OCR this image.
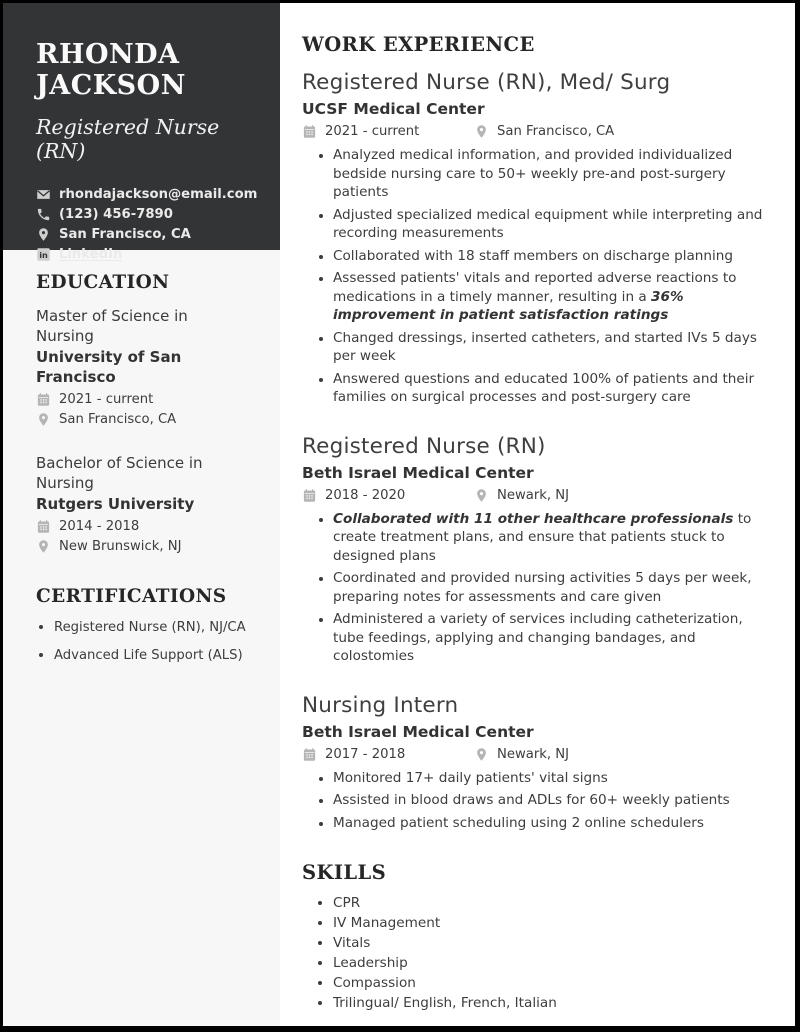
RHONDA
JACKSON
Registered Nurse (RN)
rhondajackson@email.com
(123) 456-7890
San Francisco, CA
in LinkedIn
EDUCATION
Master of Science in Nursing
University of San Francisco
2021 - current
San Francisco, CA
Bachelor of Science in Nursing
Rutgers University
2014 - 2018
New Brunswick, NJ
CERTIFICATIONS
• Registered Nurse (RN), NJ/CA
• Advanced Life Support (ALS)
WORK EXPERIENCE
Registered Nurse (RN), Med/ Surg
UCSF Medical Center
2021 - current	San Francisco, CA
• Analyzed medical information, and provided individualized bedside nursing care to 50+ weekly pre-and post-surgery patients
• Adjusted specialized medical equipment while interpreting and recording measurements
• Collaborated with 18 staff members on discharge planning
• Assessed patients' vitals and reported adverse reactions to medications in a timely manner, resulting in a 36% improvement in patient satisfaction ratings
• Changed dressings, inserted catheters, and started IVs 5 days per week
• Answered questions and educated 100% of patients and their families on surgical processes and post-surgery care
Registered Nurse (RN)
Beth Israel Medical Center
2018 - 2020	Newark, NJ
• Collaborated with 11 other healthcare professionals to create treatment plans, and ensure that patients stuck to designed plans
• Coordinated and provided nursing activities 5 days per week, preparing notes for assessments and care given
• Administered a variety of services including catheterization, tube feedings, applying and changing bandages, and colostomies
Nursing Intern
Beth Israel Medical Center
2017 - 2018	Newark, NJ
• Monitored 17+ daily patients' vital signs
• Assisted in blood draws and ADLs for 60+ weekly patients
• Managed patient scheduling using 2 online schedulers
SKILLS
• CPR
• IV Management
• Vitals
• Leadership
• Compassion
• Trilingual/ English, French, Italian
